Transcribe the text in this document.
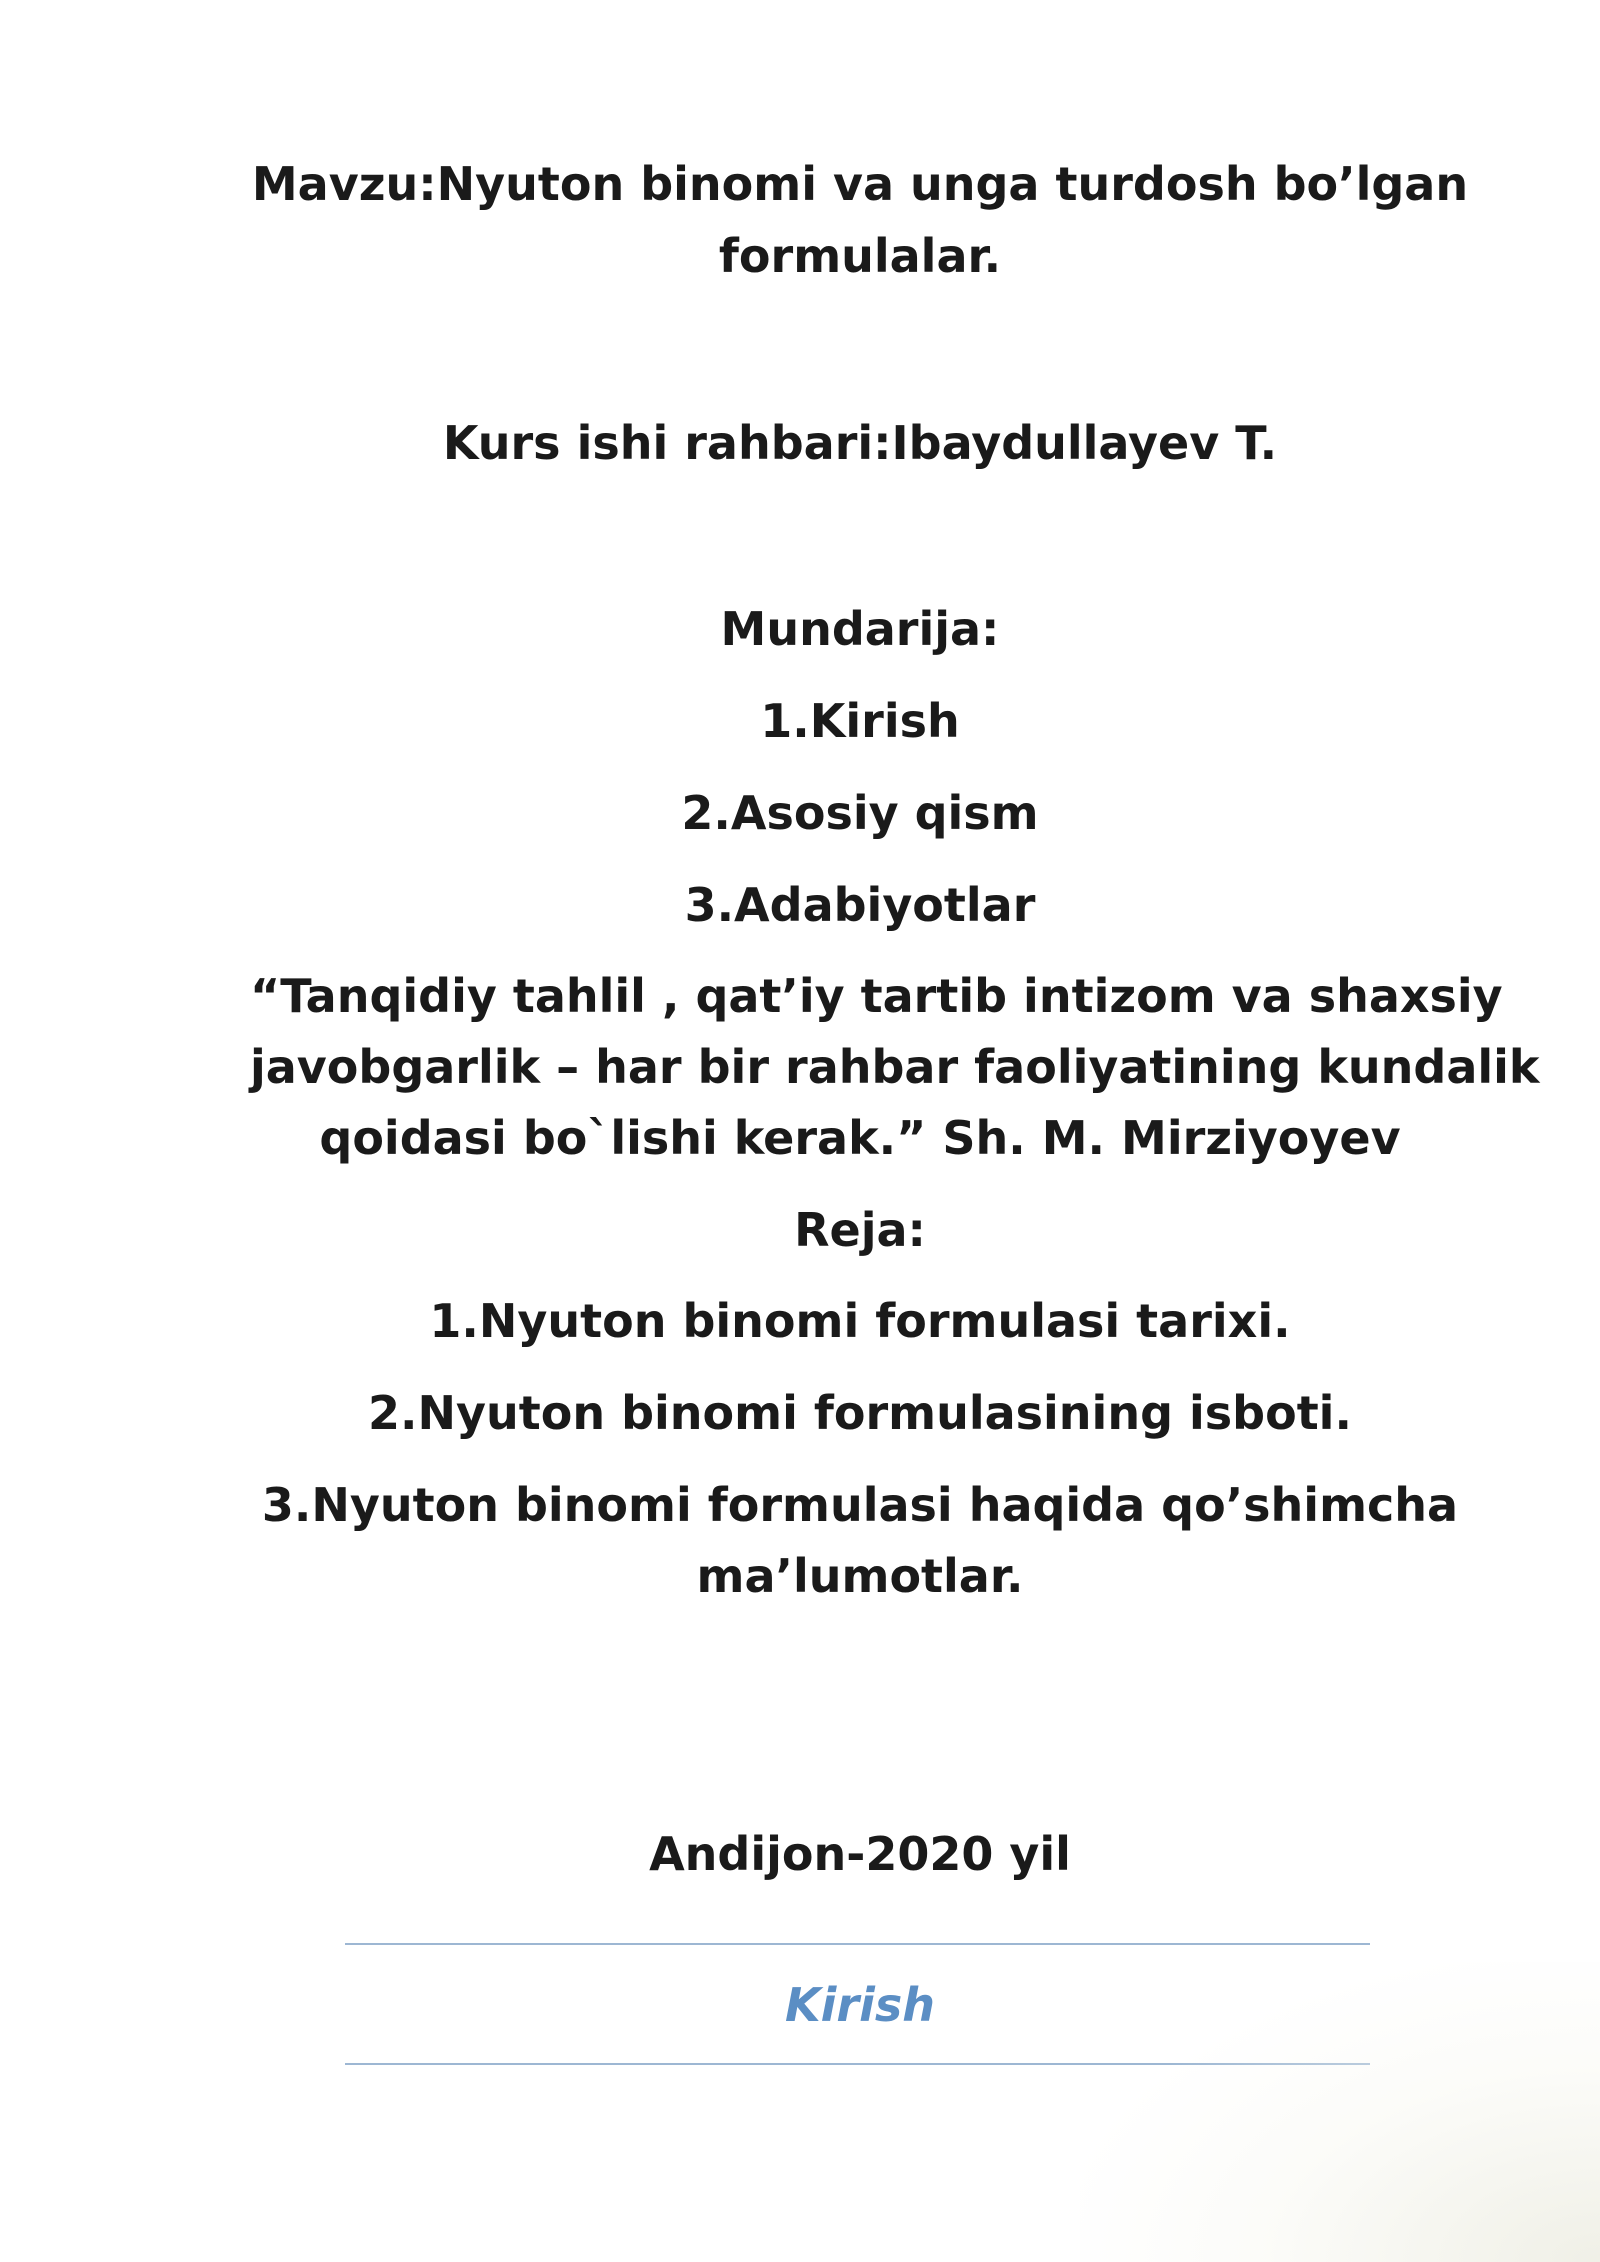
Mavzu:Nyuton binomi va unga turdosh bo’lgan

formulalar.

Kurs ishi rahbari:Ibaydullayev T.

Mundarija:

1.Kirish

2.Asosiy qism

3.Adabiyotlar

“Tanqidiy tahlil , qat’iy tartib intizom va shaxsiy

javobgarlik – har bir rahbar faoliyatining kundalik

qoidasi bo`lishi kerak.” Sh. M. Mirziyoyev

Reja:

1.Nyuton binomi formulasi tarixi.

2.Nyuton binomi formulasining isboti.

3.Nyuton binomi formulasi haqida qo’shimcha

ma’lumotlar.

Andijon-2020 yil

Kirish
